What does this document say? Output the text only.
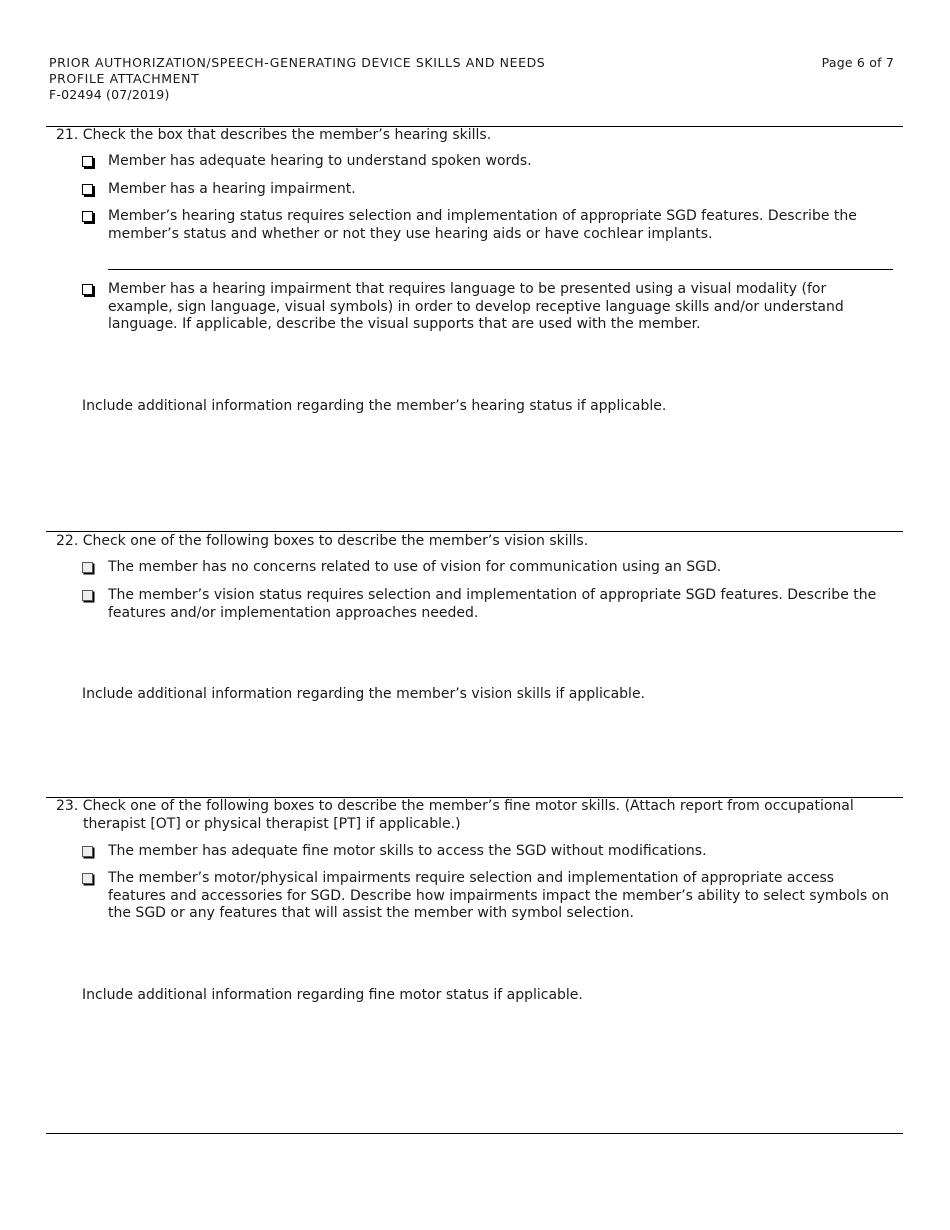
PRIOR AUTHORIZATION/SPEECH-GENERATING DEVICE SKILLS AND NEEDS
PROFILE ATTACHMENT
F-02494 (07/2019)
Page 6 of 7

21. Check the box that describes the member’s hearing skills.

Member has adequate hearing to understand spoken words.
Member has a hearing impairment.
Member’s hearing status requires selection and implementation of appropriate SGD features. Describe the member’s status and whether or not they use hearing aids or have cochlear implants.
Member has a hearing impairment that requires language to be presented using a visual modality (for example, sign language, visual symbols) in order to develop receptive language skills and/or understand language. If applicable, describe the visual supports that are used with the member.
Include additional information regarding the member’s hearing status if applicable.

22. Check one of the following boxes to describe the member’s vision skills.

The member has no concerns related to use of vision for communication using an SGD.
The member’s vision status requires selection and implementation of appropriate SGD features. Describe the features and/or implementation approaches needed.
Include additional information regarding the member’s vision skills if applicable.

23. Check one of the following boxes to describe the member’s fine motor skills. (Attach report from occupational
therapist [OT] or physical therapist [PT] if applicable.)

The member has adequate fine motor skills to access the SGD without modifications.
The member’s motor/physical impairments require selection and implementation of appropriate access features and accessories for SGD. Describe how impairments impact the member’s ability to select symbols on the SGD or any features that will assist the member with symbol selection.
Include additional information regarding fine motor status if applicable.
